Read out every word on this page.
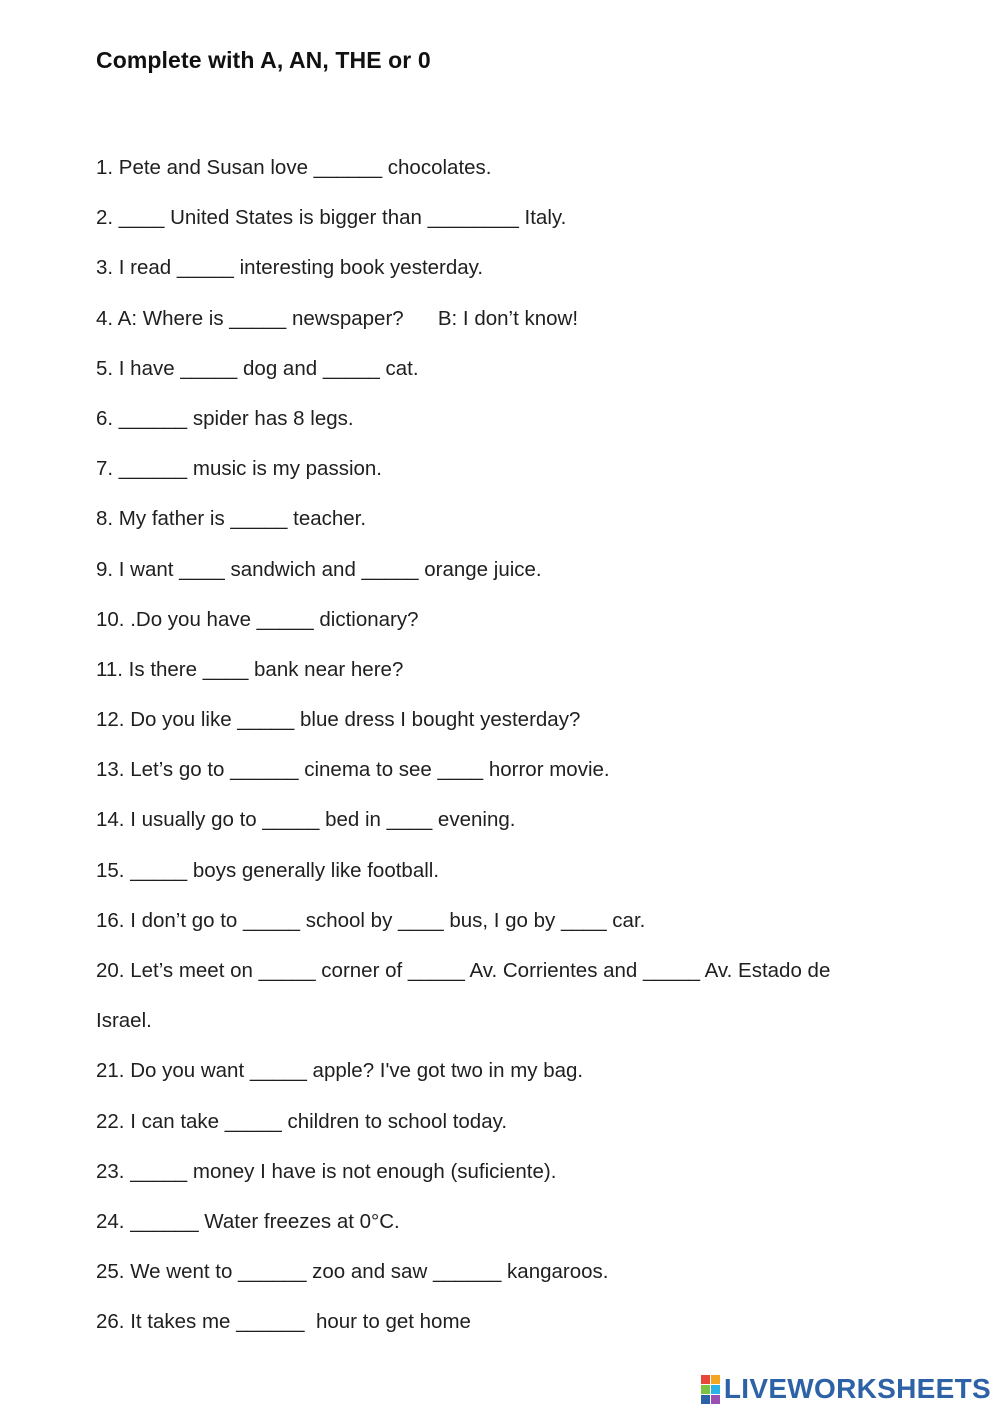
Complete with A, AN, THE or 0
1. Pete and Susan love ______ chocolates.
2. ____ United States is bigger than ________ Italy.
3. I read _____ interesting book yesterday.
4. A: Where is _____ newspaper?      B: I don’t know!
5. I have _____ dog and _____ cat.
6. ______ spider has 8 legs.
7. ______ music is my passion.
8. My father is _____ teacher.
9. I want ____ sandwich and _____ orange juice.
10. .Do you have _____ dictionary?
11. Is there ____ bank near here?
12. Do you like _____ blue dress I bought yesterday?
13. Let’s go to ______ cinema to see ____ horror movie.
14. I usually go to _____ bed in ____ evening.
15. _____ boys generally like football.
16. I don’t go to _____ school by ____ bus, I go by ____ car.
20. Let’s meet on _____ corner of _____ Av. Corrientes and _____ Av. Estado de
Israel.
21. Do you want _____ apple? I've got two in my bag.
22. I can take _____ children to school today.
23. _____ money I have is not enough (suficiente).
24. ______ Water freezes at 0°C.
25. We went to ______ zoo and saw ______ kangaroos.
26. It takes me ______  hour to get home
LIVEWORKSHEETS
